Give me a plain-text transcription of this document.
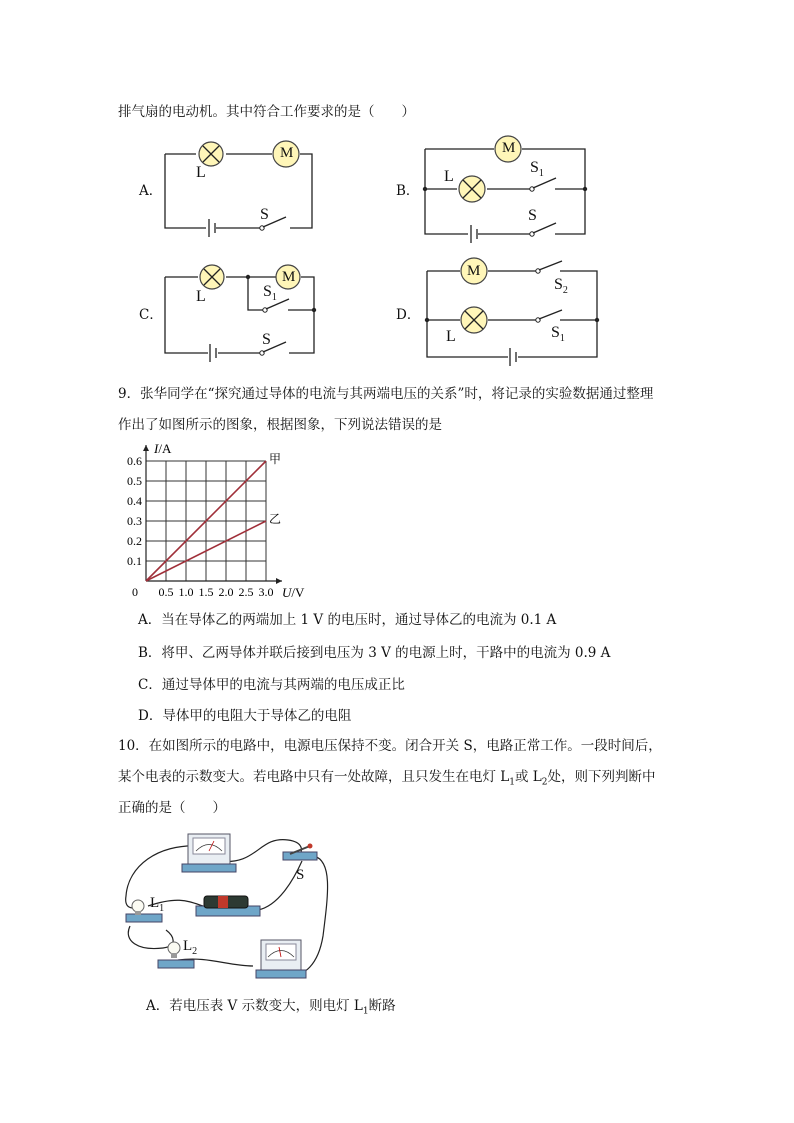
排气扇的电动机。其中符合工作要求的是（　　）
A．	B．
C．	D．
M
L
S
M
L
$S_1$
S
L
M
$S_1$
S
M
$S_2$
L	$S_1$
9．张华同学在“探究通过导体的电流与其两端电压的关系”时，将记录的实验数据通过整理
作出了如图所示的图象，根据图象，下列说法错误的是
0 0.5 1.0 1.5 2.0 2.5 3.0
0.1
0.2
0.3
0.4
0.5
0.6	甲
乙
I/A
U/V
A．当在导体乙的两端加上 1 V 的电压时，通过导体乙的电流为 0.1 A
B．将甲、乙两导体并联后接到电压为 3 V 的电源上时，干路中的电流为 0.9 A
C．通过导体甲的电流与其两端的电压成正比
D．导体甲的电阻大于导体乙的电阻
10．在如图所示的电路中，电源电压保持不变。闭合开关 S，电路正常工作。一段时间后，
某个电表的示数变大。若电路中只有一处故障，且只发生在电灯 $L_1$或 $L_2$处，则下列判断中
正确的是（　　）
S
$L_1$
$L_2$
A．若电压表 V 示数变大，则电灯 $L_1$断路
